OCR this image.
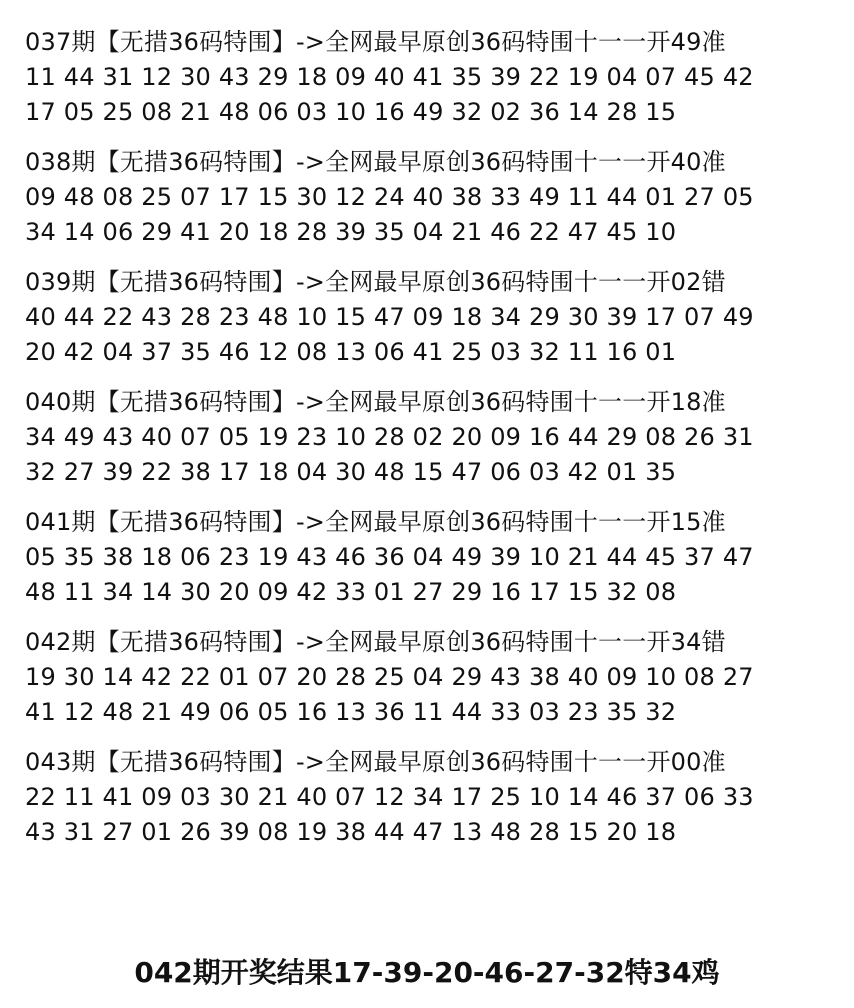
037期【无措36码特围】->全网最早原创36码特围十一一开49准
11 44 31 12 30 43 29 18 09 40 41 35 39 22 19 04 07 45 42
17 05 25 08 21 48 06 03 10 16 49 32 02 36 14 28 15
038期【无措36码特围】->全网最早原创36码特围十一一开40准
09 48 08 25 07 17 15 30 12 24 40 38 33 49 11 44 01 27 05
34 14 06 29 41 20 18 28 39 35 04 21 46 22 47 45 10
039期【无措36码特围】->全网最早原创36码特围十一一开02错
40 44 22 43 28 23 48 10 15 47 09 18 34 29 30 39 17 07 49
20 42 04 37 35 46 12 08 13 06 41 25 03 32 11 16 01
040期【无措36码特围】->全网最早原创36码特围十一一开18准
34 49 43 40 07 05 19 23 10 28 02 20 09 16 44 29 08 26 31
32 27 39 22 38 17 18 04 30 48 15 47 06 03 42 01 35
041期【无措36码特围】->全网最早原创36码特围十一一开15准
05 35 38 18 06 23 19 43 46 36 04 49 39 10 21 44 45 37 47
48 11 34 14 30 20 09 42 33 01 27 29 16 17 15 32 08
042期【无措36码特围】->全网最早原创36码特围十一一开34错
19 30 14 42 22 01 07 20 28 25 04 29 43 38 40 09 10 08 27
41 12 48 21 49 06 05 16 13 36 11 44 33 03 23 35 32
043期【无措36码特围】->全网最早原创36码特围十一一开00准
22 11 41 09 03 30 21 40 07 12 34 17 25 10 14 46 37 06 33
43 31 27 01 26 39 08 19 38 44 47 13 48 28 15 20 18
042期开奖结果17-39-20-46-27-32特34鸡
